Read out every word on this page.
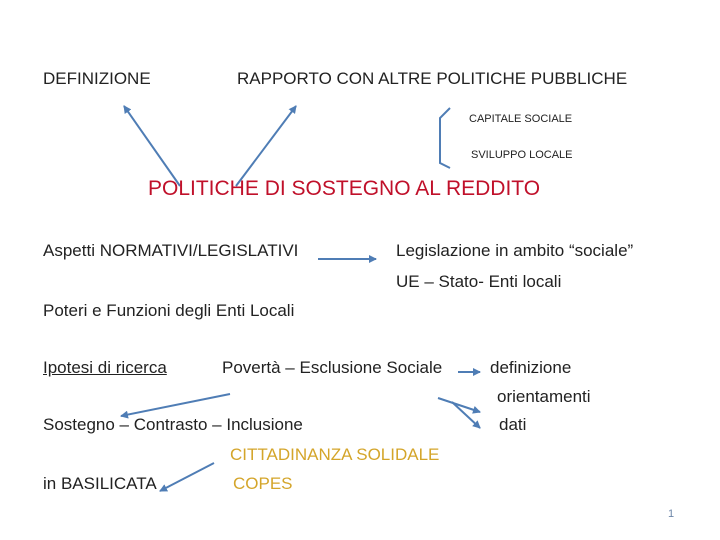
DEFINIZIONE	RAPPORTO CON ALTRE POLITICHE PUBBLICHE
CAPITALE SOCIALE
SVILUPPO LOCALE
POLITICHE DI SOSTEGNO AL REDDITO
Aspetti NORMATIVI/LEGISLATIVI	Legislazione in ambito “sociale”
UE – Stato- Enti locali
Poteri e Funzioni degli Enti Locali
Ipotesi di ricerca	Povertà – Esclusione Sociale	definizione
orientamenti
Sostegno – Contrasto – Inclusione	dati
CITTADINANZA SOLIDALE
in BASILICATA	COPES
1
